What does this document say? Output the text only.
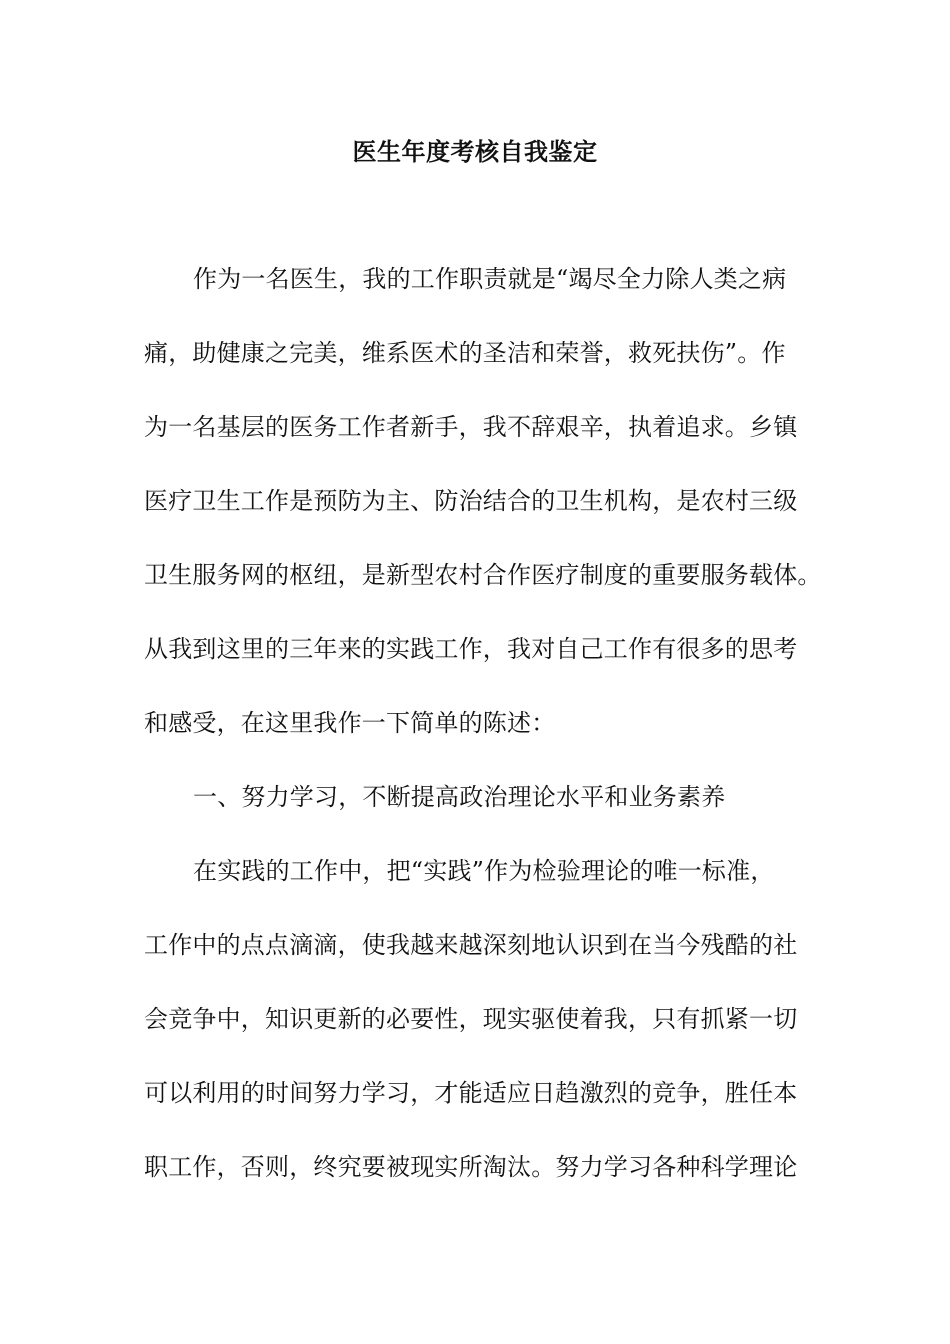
医生年度考核自我鉴定
作为一名医生，我的工作职责就是“竭尽全力除人类之病
痛，助健康之完美，维系医术的圣洁和荣誉，救死扶伤”。作
为一名基层的医务工作者新手，我不辞艰辛，执着追求。乡镇
医疗卫生工作是预防为主、防治结合的卫生机构，是农村三级
卫生服务网的枢纽，是新型农村合作医疗制度的重要服务载体。
从我到这里的三年来的实践工作，我对自己工作有很多的思考
和感受，在这里我作一下简单的陈述：
一、努力学习，不断提高政治理论水平和业务素养
在实践的工作中，把“实践”作为检验理论的唯一标准，
工作中的点点滴滴，使我越来越深刻地认识到在当今残酷的社
会竞争中，知识更新的必要性，现实驱使着我，只有抓紧一切
可以利用的时间努力学习，才能适应日趋激烈的竞争，胜任本
职工作，否则，终究要被现实所淘汰。努力学习各种科学理论
